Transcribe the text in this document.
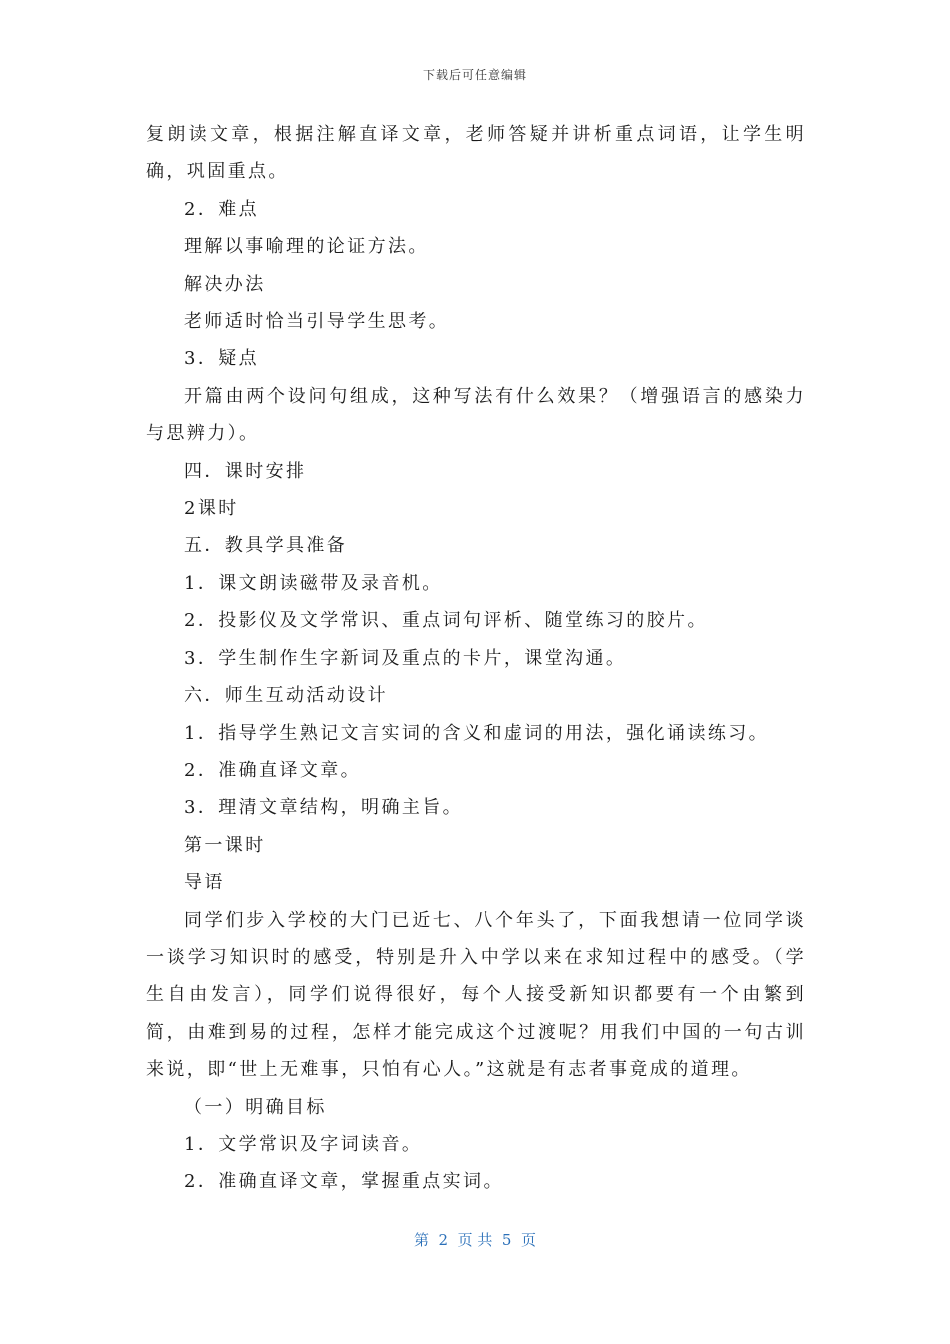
下载后可任意编辑

复朗读文章，根据注解直译文章，老师答疑并讲析重点词语，让学生明确，巩固重点。

2．难点

理解以事喻理的论证方法。

解决办法

老师适时恰当引导学生思考。

3．疑点

开篇由两个设问句组成，这种写法有什么效果？（增强语言的感染力与思辨力）。

四．课时安排

2课时

五．教具学具准备

1．课文朗读磁带及录音机。

2．投影仪及文学常识、重点词句评析、随堂练习的胶片。

3．学生制作生字新词及重点的卡片，课堂沟通。

六．师生互动活动设计

1．指导学生熟记文言实词的含义和虚词的用法，强化诵读练习。

2．准确直译文章。

3．理清文章结构，明确主旨。

第一课时

导语

同学们步入学校的大门已近七、八个年头了，下面我想请一位同学谈一谈学习知识时的感受，特别是升入中学以来在求知过程中的感受。（学生自由发言），同学们说得很好，每个人接受新知识都要有一个由繁到简，由难到易的过程，怎样才能完成这个过渡呢？用我们中国的一句古训来说，即“世上无难事，只怕有心人。”这就是有志者事竟成的道理。

（一）明确目标

1．文学常识及字词读音。

2．准确直译文章，掌握重点实词。

第  2  页 共  5  页
